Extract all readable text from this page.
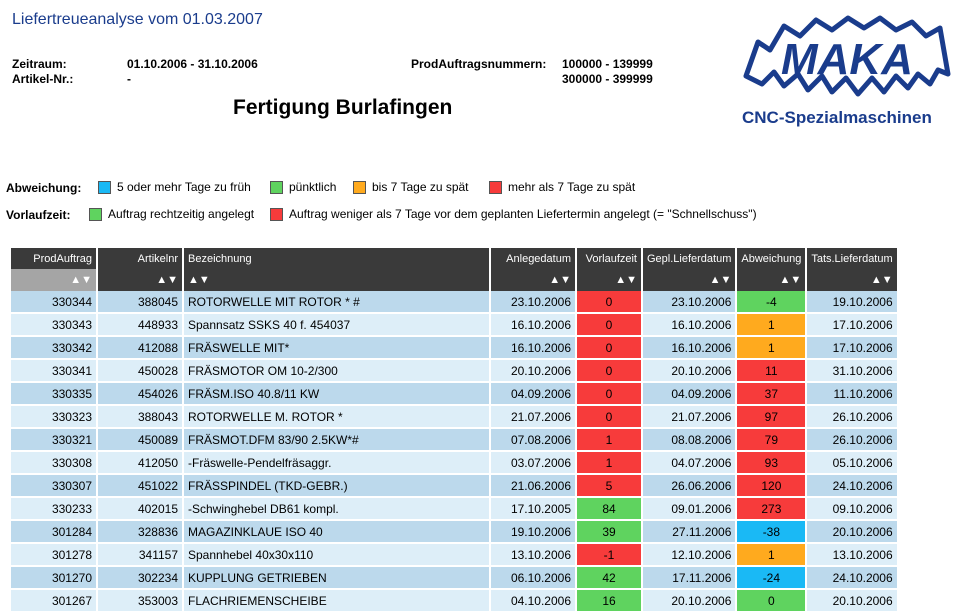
Liefertreueanalyse vom 01.03.2007
Zeitraum:	01.10.2006 - 31.10.2006
Artikel-Nr.:	-
ProdAuftragsnummern: 100000 - 139999
300000 - 399999
Fertigung Burlafingen
MAKA
CNC-Spezialmaschinen
Abweichung:	5 oder mehr Tage zu früh	pünktlich	bis 7 Tage zu spät	mehr als 7 Tage zu spät
Vorlaufzeit:	Auftrag rechtzeitig angelegt	Auftrag weniger als 7 Tage vor dem geplanten Liefertermin angelegt (= "Schnellschuss")
ProdAuftrag	Artikelnr	Bezeichnung	Anlegedatum	Vorlaufzeit	Gepl.Lieferdatum	Abweichung	Tats.Lieferdatum
▲▼	▲▼	▲▼	▲▼	▲▼	▲▼	▲▼	▲▼
330344	388045	ROTORWELLE MIT ROTOR * #	23.10.2006	0	23.10.2006	-4	19.10.2006
330343	448933	Spannsatz SSKS 40 f. 454037	16.10.2006	0	16.10.2006	1	17.10.2006
330342	412088	FRÄSWELLE MIT*	16.10.2006	0	16.10.2006	1	17.10.2006
330341	450028	FRÄSMOTOR OM 10-2/300	20.10.2006	0	20.10.2006	11	31.10.2006
330335	454026	FRÄSM.ISO 40.8/11 KW	04.09.2006	0	04.09.2006	37	11.10.2006
330323	388043	ROTORWELLE M. ROTOR *	21.07.2006	0	21.07.2006	97	26.10.2006
330321	450089	FRÄSMOT.DFM 83/90 2.5KW*#	07.08.2006	1	08.08.2006	79	26.10.2006
330308	412050	-Fräswelle-Pendelfräsaggr.	03.07.2006	1	04.07.2006	93	05.10.2006
330307	451022	FRÄSSPINDEL (TKD-GEBR.)	21.06.2006	5	26.06.2006	120	24.10.2006
330233	402015	-Schwinghebel DB61 kompl.	17.10.2005	84	09.01.2006	273	09.10.2006
301284	328836	MAGAZINKLAUE ISO 40	19.10.2006	39	27.11.2006	-38	20.10.2006
301278	341157	Spannhebel 40x30x110	13.10.2006	-1	12.10.2006	1	13.10.2006
301270	302234	KUPPLUNG GETRIEBEN	06.10.2006	42	17.11.2006	-24	24.10.2006
301267	353003	FLACHRIEMENSCHEIBE	04.10.2006	16	20.10.2006	0	20.10.2006
